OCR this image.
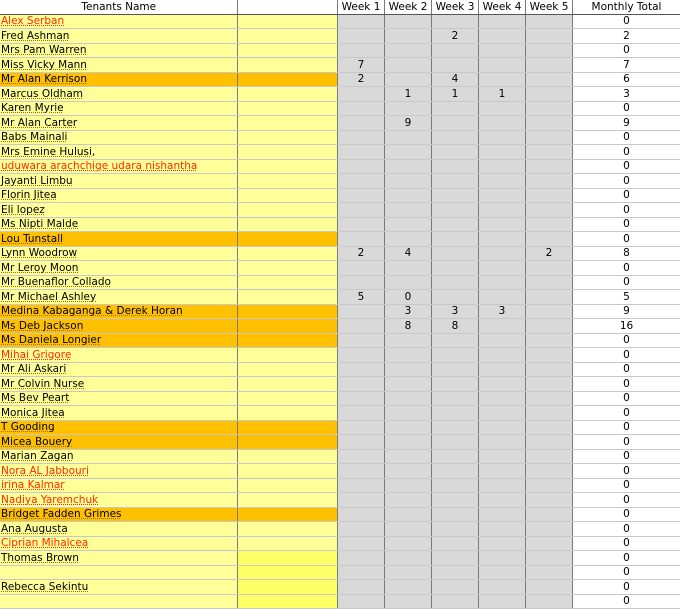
Tenants Name		Week 1	Week 2	Week 3	Week 4	Week 5	Monthly Total
Alex Serban							0
Fred Ashman				2			2
Mrs Pam Warren							0
Miss Vicky Mann		7					7
Mr Alan Kerrison		2		4			6
Marcus Oldham			1	1	1		3
Karen Myrie							0
Mr Alan Carter			9				9
Babs Mainali							0
Mrs Emine Hulusi,							0
uduwara arachchige udara nishantha							0
Jayanti Limbu							0
Florin Jitea							0
Eli lopez							0
Ms Nipti Malde							0
Lou Tunstall							0
Lynn Woodrow		2	4			2	8
Mr Leroy Moon							0
Mr Buenaflor Collado							0
Mr Michael Ashley		5	0				5
Medina Kabaganga & Derek Horan			3	3	3		9
Ms Deb Jackson			8	8			16
Ms Daniela Longier							0
Mihai Grigore							0
Mr Ali Askari							0
Mr Colvin Nurse							0
Ms Bev Peart							0
Monica Jitea							0
T Gooding							0
Micea Bouery							0
Marian Zagan							0
Nora AL Jabbouri							0
irina Kalmar							0
Nadiya Yaremchuk							0
Bridget Fadden Grimes							0
Ana Augusta							0
Ciprian Mihalcea							0
Thomas Brown							0
							0
Rebecca Sekintu							0
							0
